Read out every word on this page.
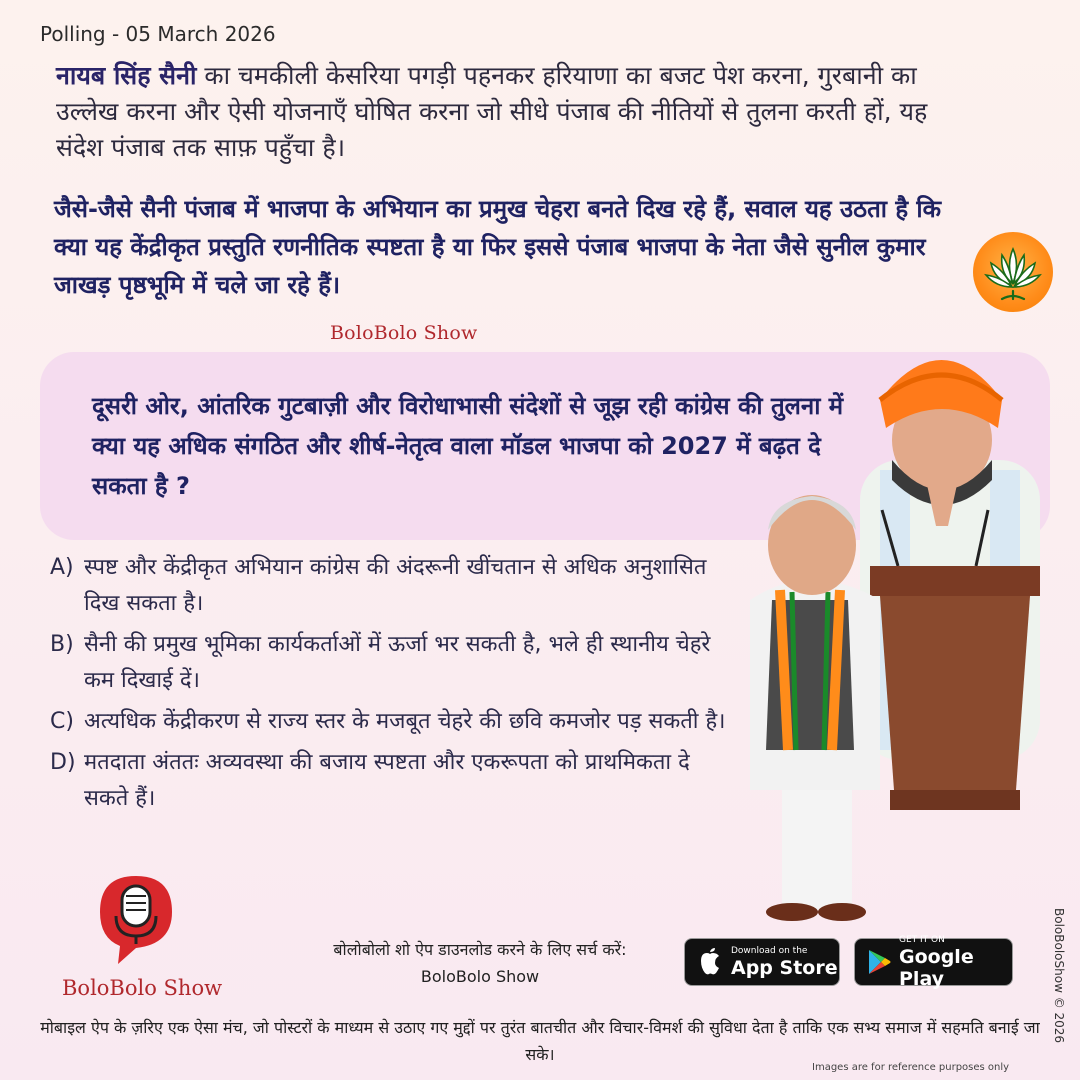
Polling - 05 March 2026

नायब सिंह सैनी का चमकीली केसरिया पगड़ी पहनकर हरियाणा का बजट पेश करना, गुरबानी का उल्लेख करना और ऐसी योजनाएँ घोषित करना जो सीधे पंजाब की नीतियों से तुलना करती हों, यह संदेश पंजाब तक साफ़ पहुँचा है।

जैसे-जैसे सैनी पंजाब में भाजपा के अभियान का प्रमुख चेहरा बनते दिख रहे हैं, सवाल यह उठता है कि क्या यह केंद्रीकृत प्रस्तुति रणनीतिक स्पष्टता है या फिर इससे पंजाब भाजपा के नेता जैसे सुनील कुमार जाखड़ पृष्ठभूमि में चले जा रहे हैं।

BoloBolo Show

दूसरी ओर, आंतरिक गुटबाज़ी और विरोधाभासी संदेशों से जूझ रही कांग्रेस की तुलना में क्या यह अधिक संगठित और शीर्ष-नेतृत्व वाला मॉडल भाजपा को 2027 में बढ़त दे सकता है ?

A) स्पष्ट और केंद्रीकृत अभियान कांग्रेस की अंदरूनी खींचतान से अधिक अनुशासित दिख सकता है।
B) सैनी की प्रमुख भूमिका कार्यकर्ताओं में ऊर्जा भर सकती है, भले ही स्थानीय चेहरे कम दिखाई दें।
C) अत्यधिक केंद्रीकरण से राज्य स्तर के मजबूत चेहरे की छवि कमजोर पड़ सकती है।
D) मतदाता अंततः अव्यवस्था की बजाय स्पष्टता और एकरूपता को प्राथमिकता दे सकते हैं।
BoloBolo Show
बोलोबोलो शो ऐप डाउनलोड करने के लिए सर्च करें:
BoloBolo Show
Download on the
App Store
GET IT ON
Google Play	BoloBoloShow © 2026
मोबाइल ऐप के ज़रिए एक ऐसा मंच, जो पोस्टरों के माध्यम से उठाए गए मुद्दों पर तुरंत बातचीत और विचार-विमर्श की सुविधा देता है ताकि एक सभ्य समाज में सहमति बनाई जा सके।
Images are for reference purposes only
